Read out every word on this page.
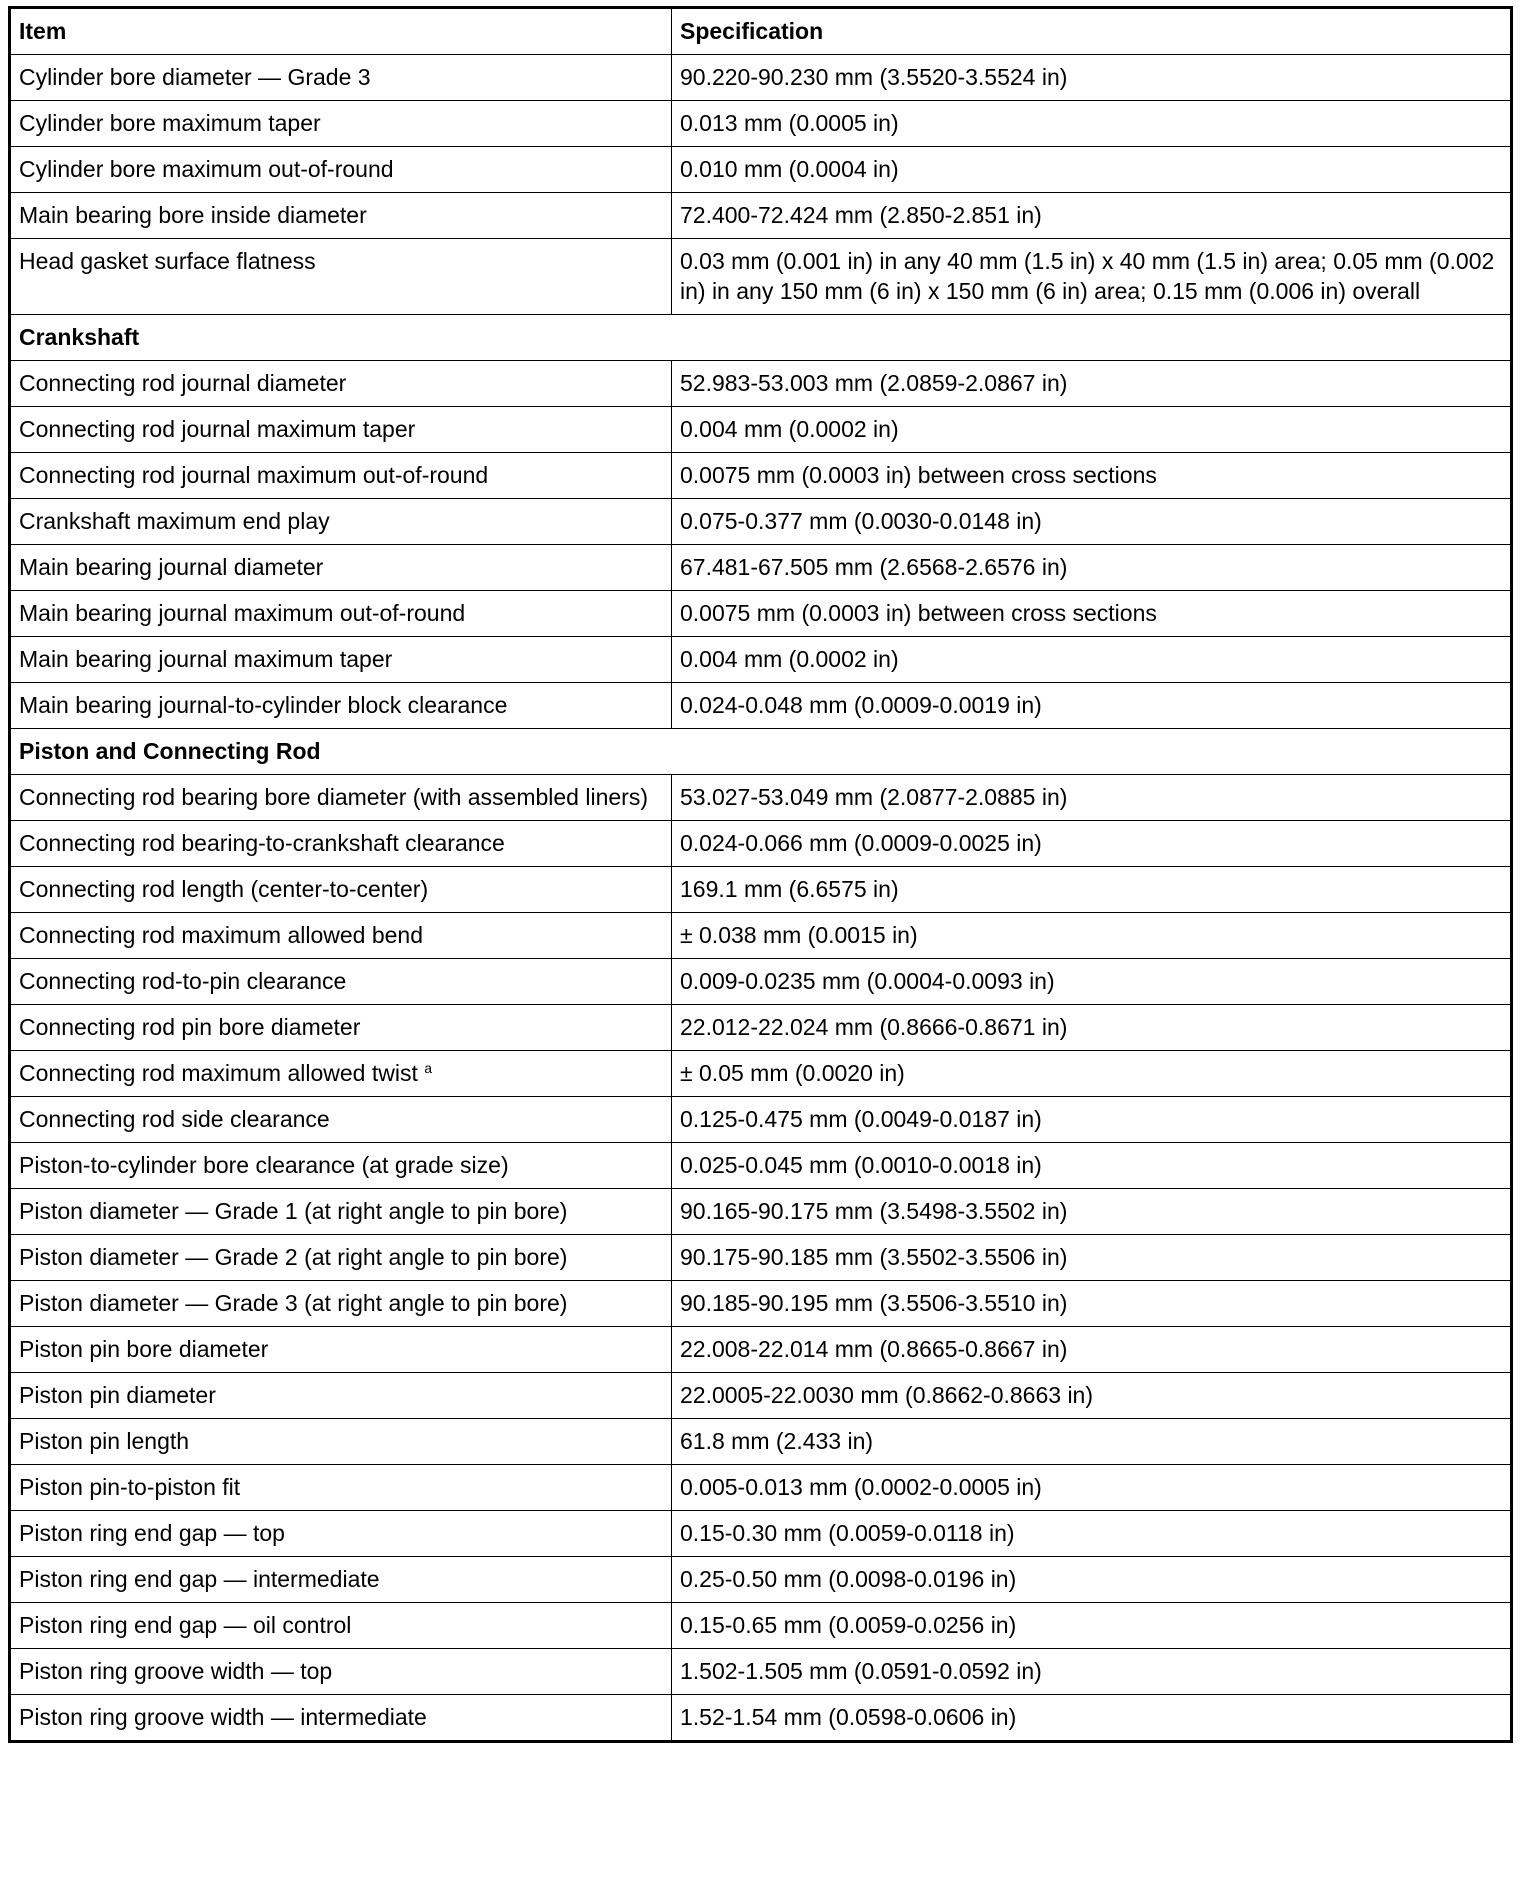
Item	Specification
Cylinder bore diameter — Grade 3	90.220-90.230 mm (3.5520-3.5524 in)
Cylinder bore maximum taper	0.013 mm (0.0005 in)
Cylinder bore maximum out-of-round	0.010 mm (0.0004 in)
Main bearing bore inside diameter	72.400-72.424 mm (2.850-2.851 in)
Head gasket surface flatness	0.03 mm (0.001 in) in any 40 mm (1.5 in) x 40 mm (1.5 in) area; 0.05 mm (0.002 in) in any 150 mm (6 in) x 150 mm (6 in) area; 0.15 mm (0.006 in) overall
Crankshaft	
Connecting rod journal diameter	52.983-53.003 mm (2.0859-2.0867 in)
Connecting rod journal maximum taper	0.004 mm (0.0002 in)
Connecting rod journal maximum out-of-round	0.0075 mm (0.0003 in) between cross sections
Crankshaft maximum end play	0.075-0.377 mm (0.0030-0.0148 in)
Main bearing journal diameter	67.481-67.505 mm (2.6568-2.6576 in)
Main bearing journal maximum out-of-round	0.0075 mm (0.0003 in) between cross sections
Main bearing journal maximum taper	0.004 mm (0.0002 in)
Main bearing journal-to-cylinder block clearance	0.024-0.048 mm (0.0009-0.0019 in)
Piston and Connecting Rod	
Connecting rod bearing bore diameter (with assembled liners)	53.027-53.049 mm (2.0877-2.0885 in)
Connecting rod bearing-to-crankshaft clearance	0.024-0.066 mm (0.0009-0.0025 in)
Connecting rod length (center-to-center)	169.1 mm (6.6575 in)
Connecting rod maximum allowed bend	± 0.038 mm (0.0015 in)
Connecting rod-to-pin clearance	0.009-0.0235 mm (0.0004-0.0093 in)
Connecting rod pin bore diameter	22.012-22.024 mm (0.8666-0.8671 in)
Connecting rod maximum allowed twist $^a$	± 0.05 mm (0.0020 in)
Connecting rod side clearance	0.125-0.475 mm (0.0049-0.0187 in)
Piston-to-cylinder bore clearance (at grade size)	0.025-0.045 mm (0.0010-0.0018 in)
Piston diameter — Grade 1 (at right angle to pin bore)	90.165-90.175 mm (3.5498-3.5502 in)
Piston diameter — Grade 2 (at right angle to pin bore)	90.175-90.185 mm (3.5502-3.5506 in)
Piston diameter — Grade 3 (at right angle to pin bore)	90.185-90.195 mm (3.5506-3.5510 in)
Piston pin bore diameter	22.008-22.014 mm (0.8665-0.8667 in)
Piston pin diameter	22.0005-22.0030 mm (0.8662-0.8663 in)
Piston pin length	61.8 mm (2.433 in)
Piston pin-to-piston fit	0.005-0.013 mm (0.0002-0.0005 in)
Piston ring end gap — top	0.15-0.30 mm (0.0059-0.0118 in)
Piston ring end gap — intermediate	0.25-0.50 mm (0.0098-0.0196 in)
Piston ring end gap — oil control	0.15-0.65 mm (0.0059-0.0256 in)
Piston ring groove width — top	1.502-1.505 mm (0.0591-0.0592 in)
Piston ring groove width — intermediate	1.52-1.54 mm (0.0598-0.0606 in)
